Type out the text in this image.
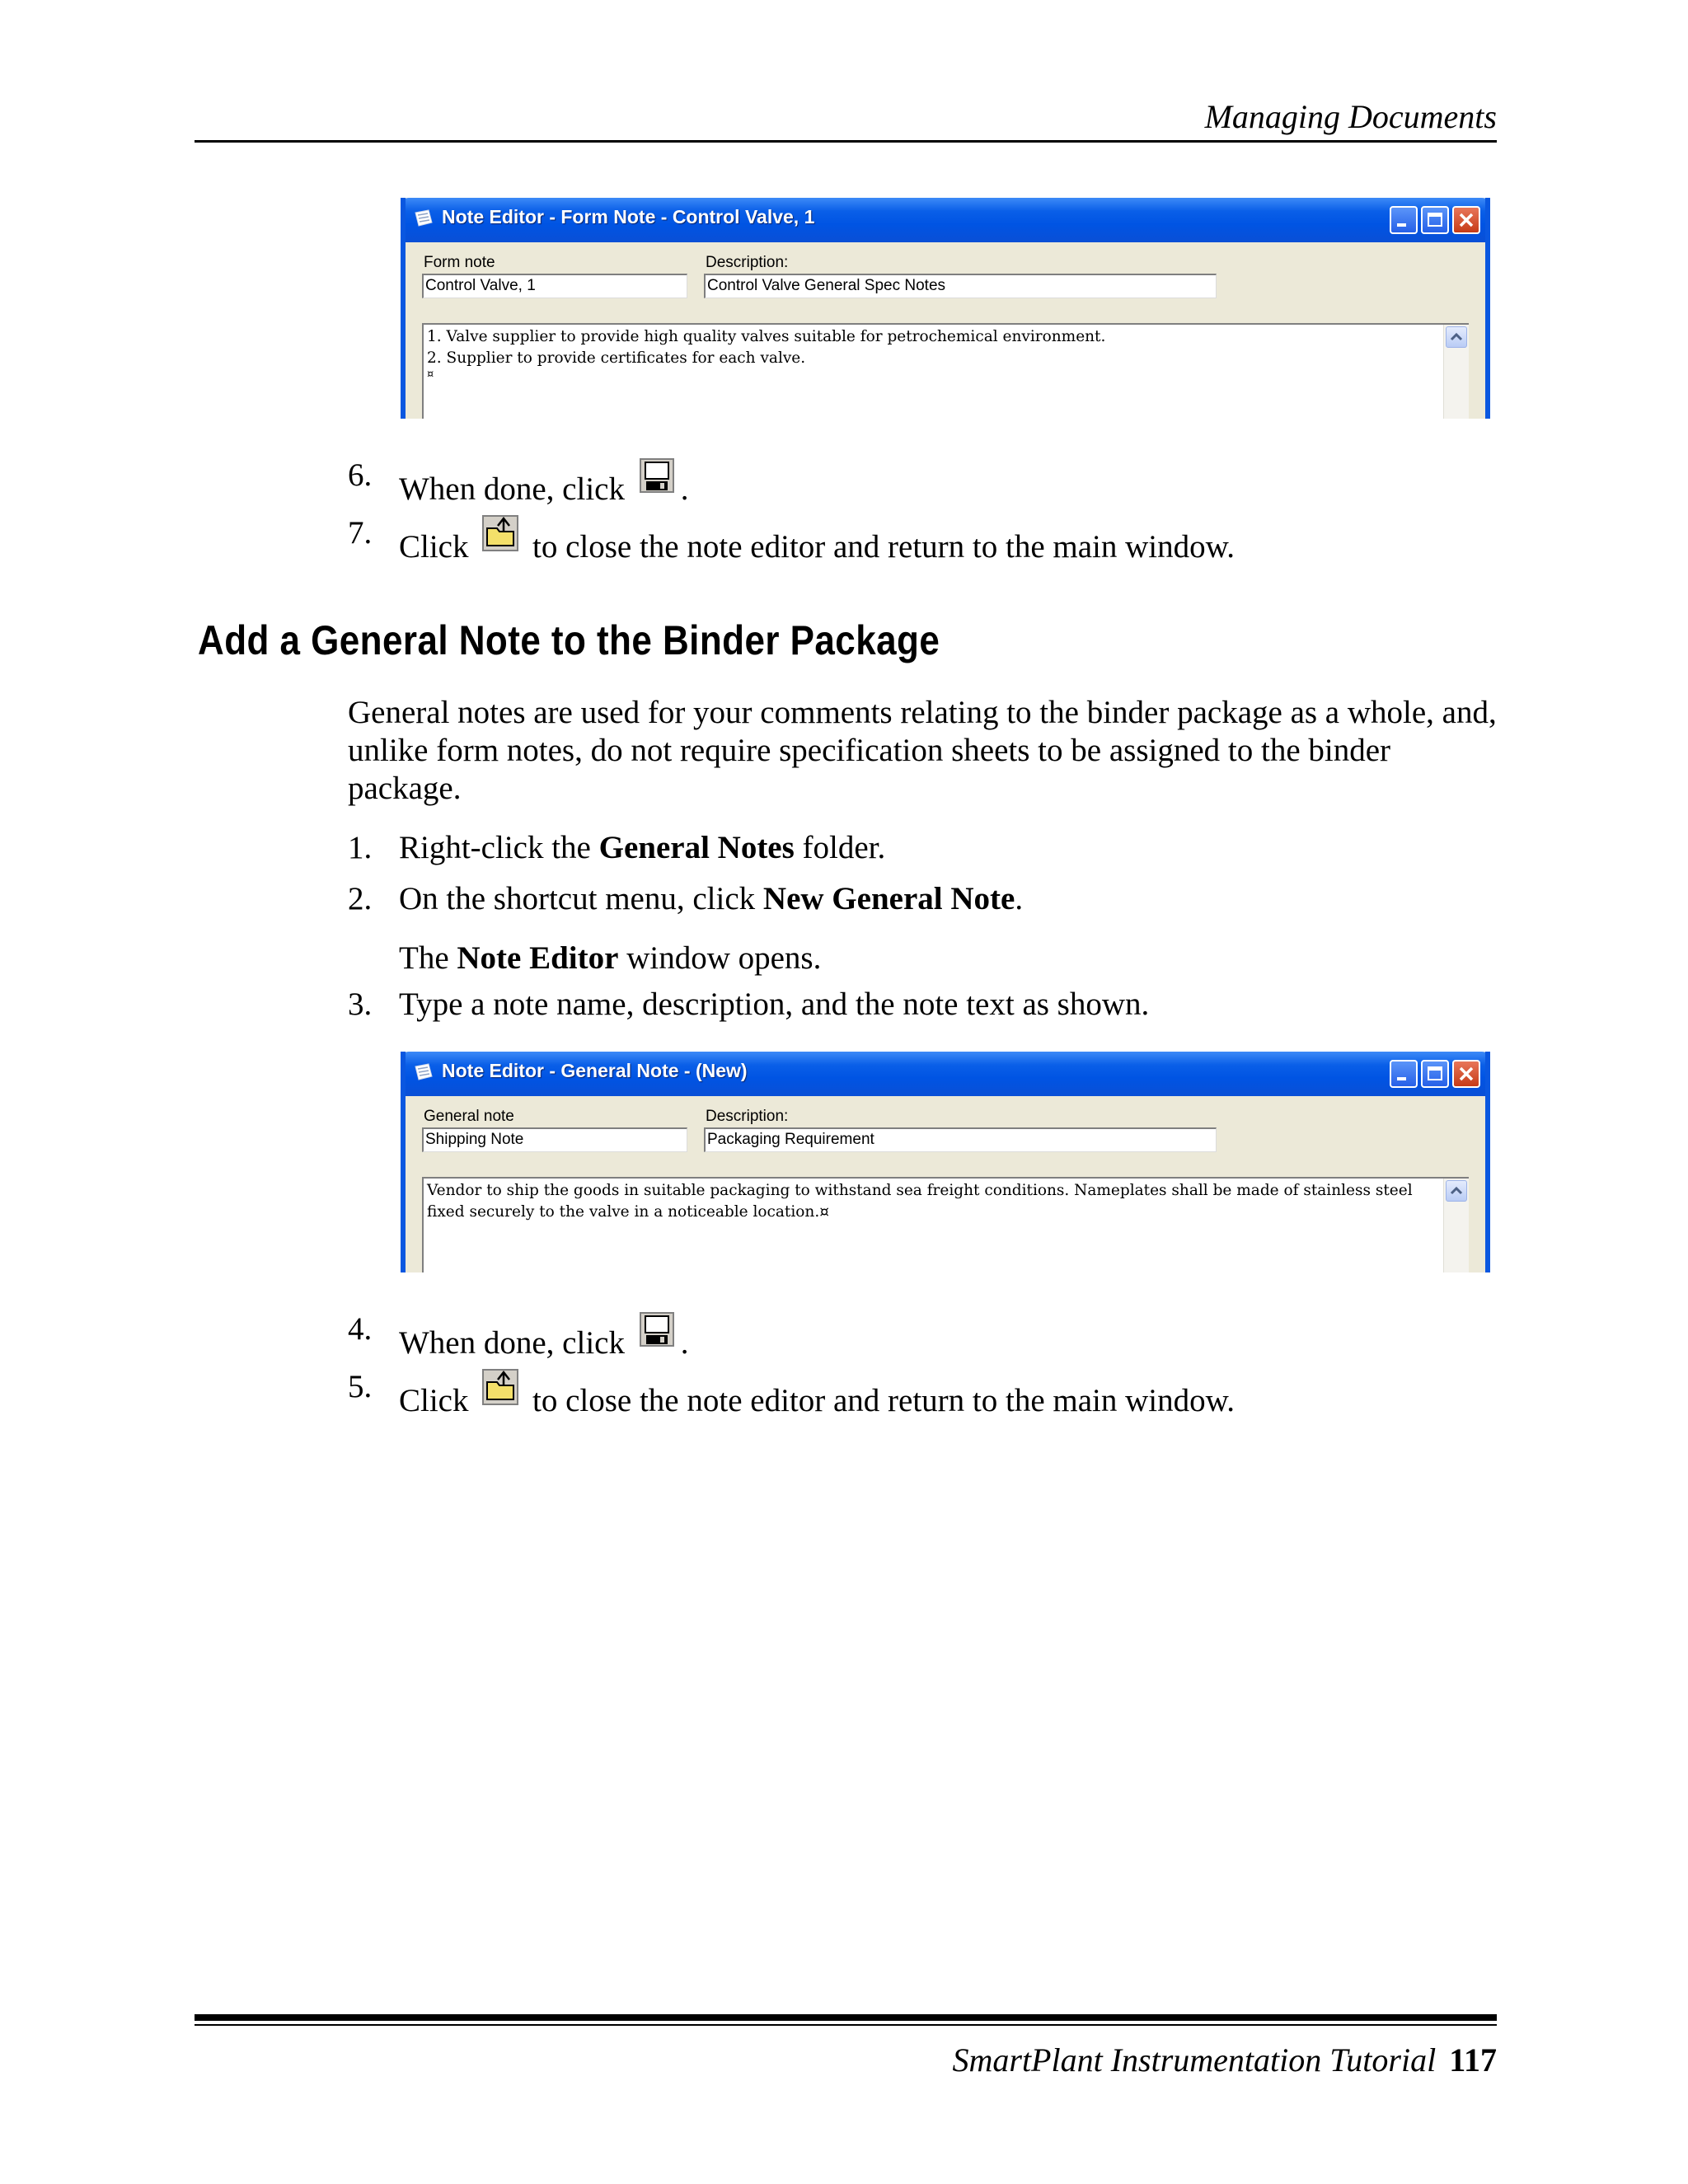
Managing Documents
Note Editor - Form Note - Control Valve, 1
Form note
Control Valve, 1
Description:
Control Valve General Spec Notes
1. Valve supplier to provide high quality valves suitable for petrochemical environment.
2. Supplier to provide certificates for each valve.
¤
6. When done, click .
7. Click  to close the note editor and return to the main window.
Add a General Note to the Binder Package
General notes are used for your comments relating to the binder package as a whole, and, unlike form notes, do not require specification sheets to be assigned to the binder package.
1. Right-click the General Notes folder.
2. On the shortcut menu, click New General Note.
The Note Editor window opens.
3. Type a note name, description, and the note text as shown.
Note Editor - General Note - (New)
General note
Shipping Note
Description:
Packaging Requirement
Vendor to ship the goods in suitable packaging to withstand sea freight conditions. Nameplates shall be made of stainless steel
fixed securely to the valve in a noticeable location.¤
4. When done, click .
5. Click  to close the note editor and return to the main window.
SmartPlant Instrumentation Tutorial 117
